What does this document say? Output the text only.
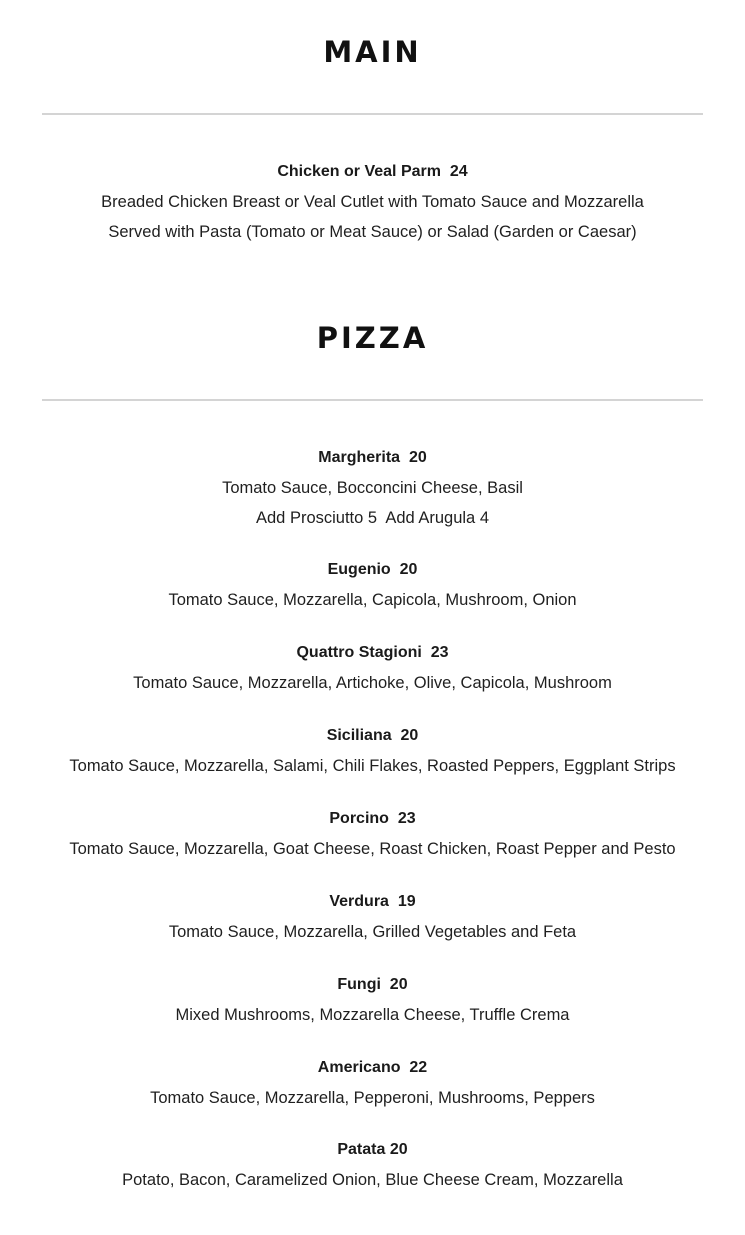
MAIN
Chicken or Veal Parm  24
Breaded Chicken Breast or Veal Cutlet with Tomato Sauce and Mozzarella
Served with Pasta (Tomato or Meat Sauce) or Salad (Garden or Caesar)
PIZZA
Margherita  20
Tomato Sauce, Bocconcini Cheese, Basil
Add Prosciutto 5  Add Arugula 4
Eugenio  20
Tomato Sauce, Mozzarella, Capicola, Mushroom, Onion
Quattro Stagioni  23
Tomato Sauce, Mozzarella, Artichoke, Olive, Capicola, Mushroom
Siciliana  20
Tomato Sauce, Mozzarella, Salami, Chili Flakes, Roasted Peppers, Eggplant Strips
Porcino  23
Tomato Sauce, Mozzarella, Goat Cheese, Roast Chicken, Roast Pepper and Pesto
Verdura  19
Tomato Sauce, Mozzarella, Grilled Vegetables and Feta
Fungi  20
Mixed Mushrooms, Mozzarella Cheese, Truffle Crema
Americano  22
Tomato Sauce, Mozzarella, Pepperoni, Mushrooms, Peppers
Patata 20
Potato, Bacon, Caramelized Onion, Blue Cheese Cream, Mozzarella
